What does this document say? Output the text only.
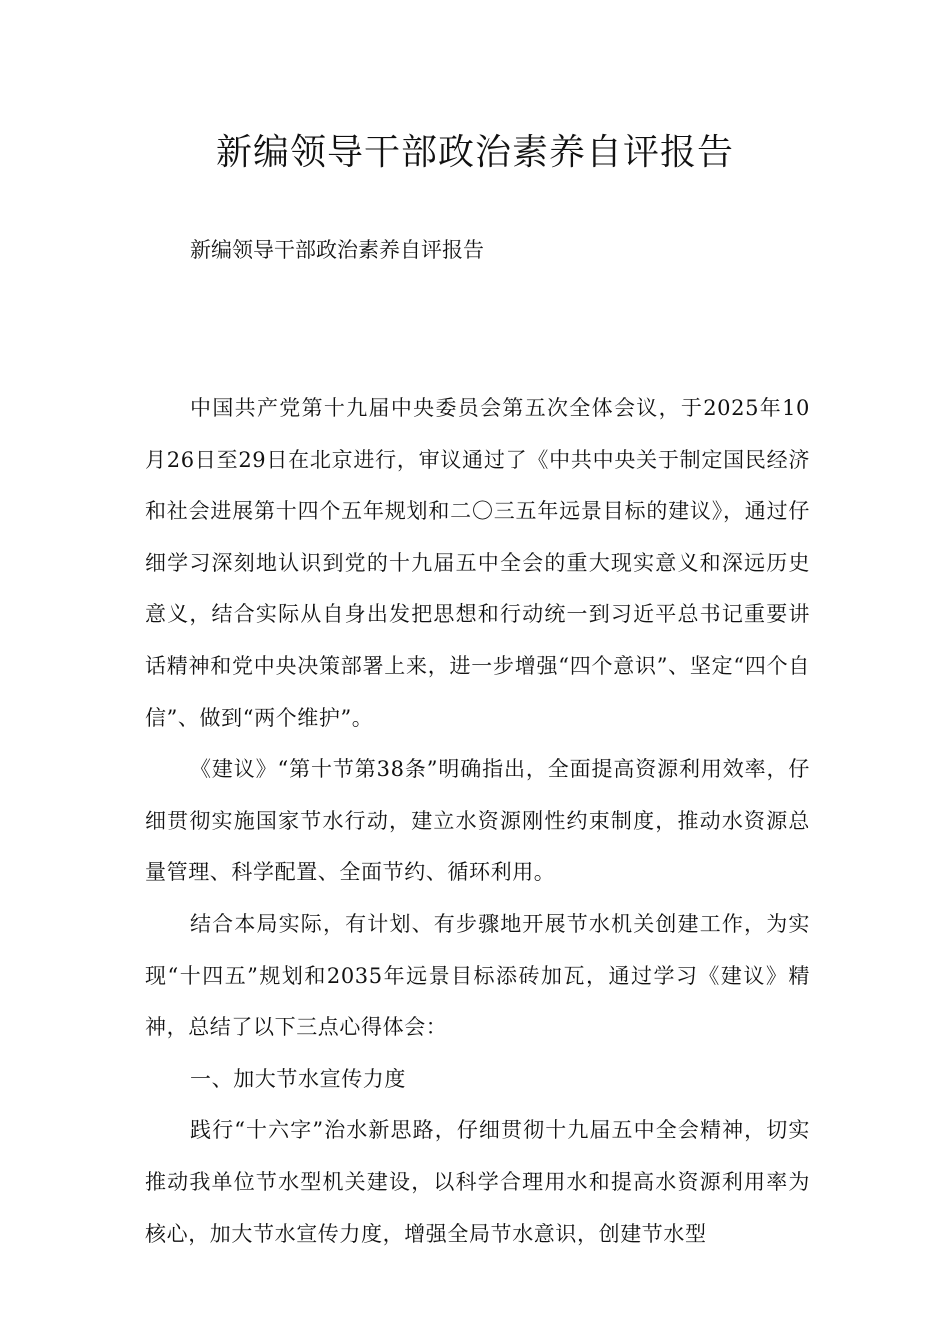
新编领导干部政治素养自评报告

新编领导干部政治素养自评报告

中国共产党第十九届中央委员会第五次全体会议，于2025年10月26日至29日在北京进行，审议通过了《中共中央关于制定国民经济和社会进展第十四个五年规划和二〇三五年远景目标的建议》，通过仔细学习深刻地认识到党的十九届五中全会的重大现实意义和深远历史意义，结合实际从自身出发把思想和行动统一到习近平总书记重要讲话精神和党中央决策部署上来，进一步增强“四个意识”、坚定“四个自信”、做到“两个维护”。

《建议》“第十节第38条”明确指出，全面提高资源利用效率，仔细贯彻实施国家节水行动，建立水资源刚性约束制度，推动水资源总量管理、科学配置、全面节约、循环利用。

结合本局实际，有计划、有步骤地开展节水机关创建工作，为实现“十四五”规划和2035年远景目标添砖加瓦，通过学习《建议》精神，总结了以下三点心得体会：

一、加大节水宣传力度

践行“十六字”治水新思路，仔细贯彻十九届五中全会精神，切实推动我单位节水型机关建设，以科学合理用水和提高水资源利用率为核心，加大节水宣传力度，增强全局节水意识，创建节水型
